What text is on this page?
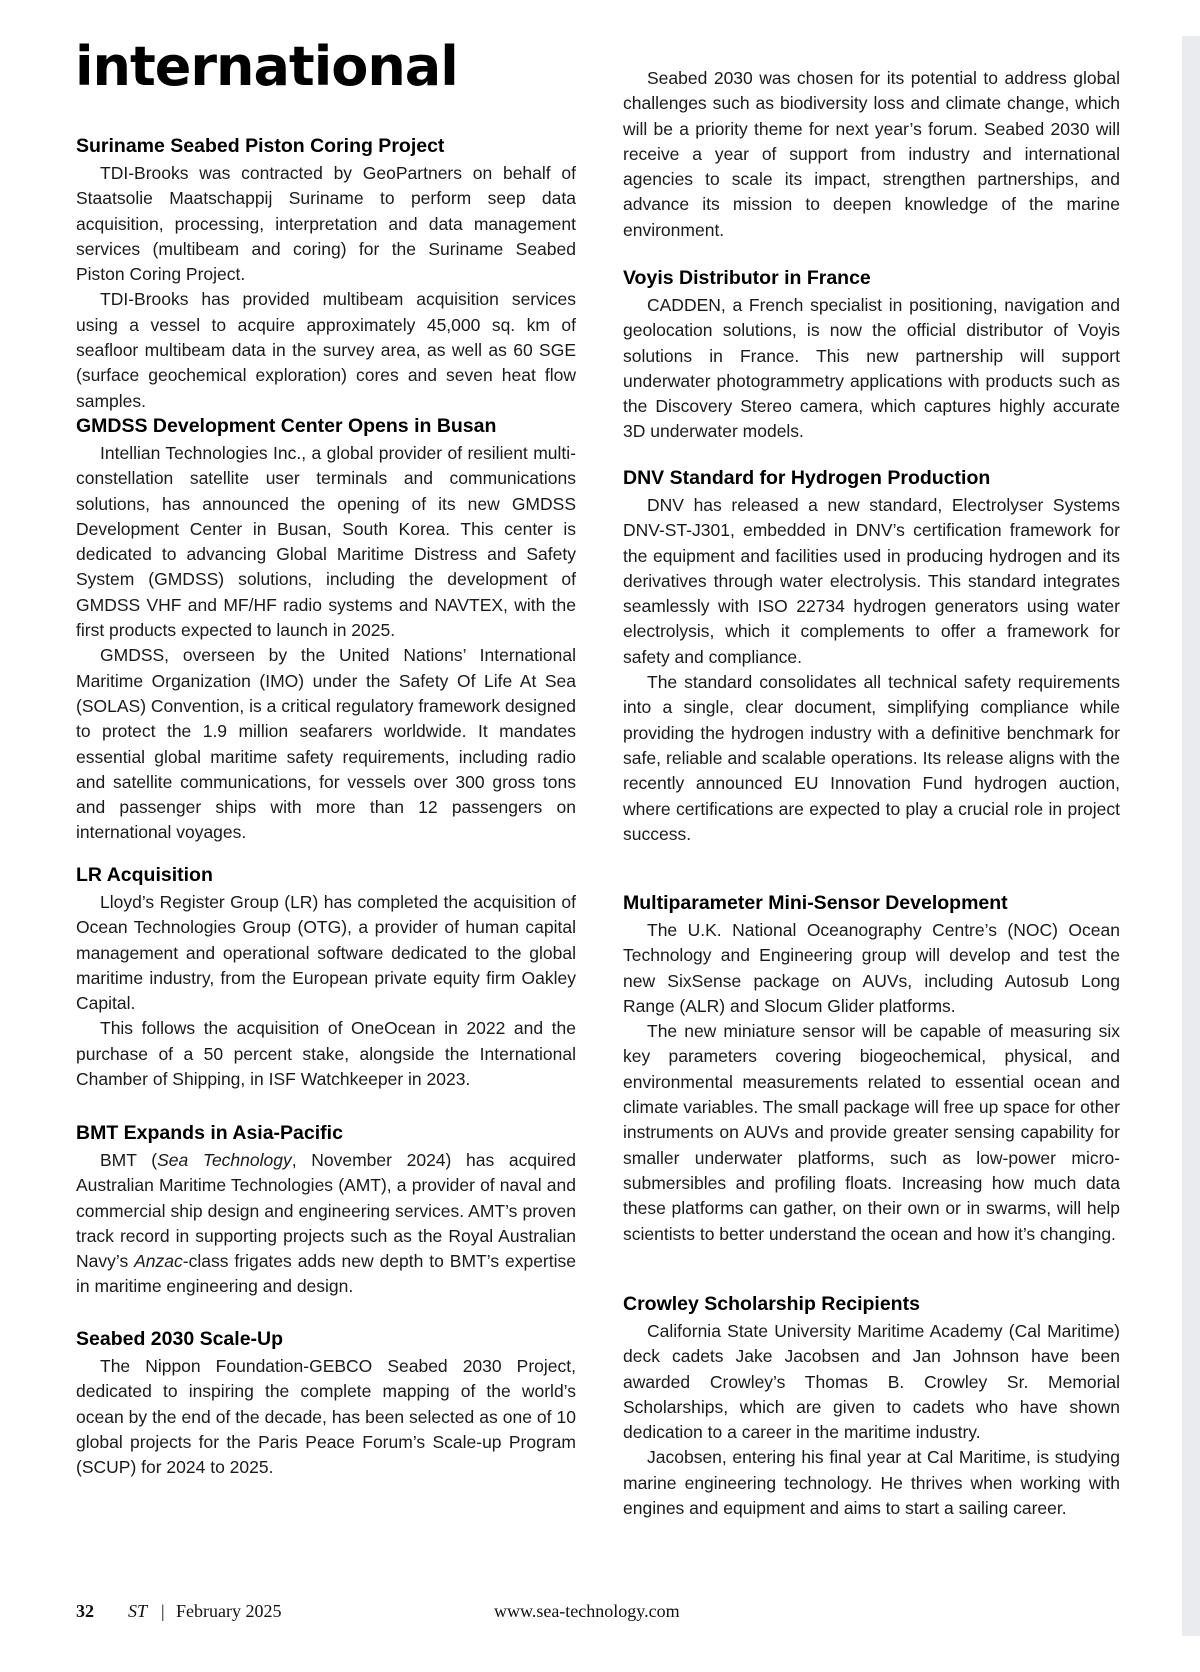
international
Suriname Seabed Piston Coring Project

TDI-Brooks was contracted by GeoPartners on behalf of Staatsolie Maatschappij Suriname to perform seep data acquisition, processing, interpretation and data management services (multibeam and coring) for the Suriname Seabed Piston Coring Project.

TDI-Brooks has provided multibeam acquisition services using a vessel to acquire approximately 45,000 sq. km of seafloor multibeam data in the survey area, as well as 60 SGE (surface geochemical exploration) cores and seven heat flow samples.

GMDSS Development Center Opens in Busan

Intellian Technologies Inc., a global provider of resilient multi-constellation satellite user terminals and communications solutions, has announced the opening of its new GMDSS Development Center in Busan, South Korea. This center is dedicated to advancing Global Maritime Distress and Safety System (GMDSS) solutions, including the development of GMDSS VHF and MF/HF radio systems and NAVTEX, with the first products expected to launch in 2025.

GMDSS, overseen by the United Nations’ International Maritime Organization (IMO) under the Safety Of Life At Sea (SOLAS) Convention, is a critical regulatory framework designed to protect the 1.9 million seafarers worldwide. It mandates essential global maritime safety requirements, including radio and satellite communications, for vessels over 300 gross tons and passenger ships with more than 12 passengers on international voyages.

LR Acquisition

Lloyd’s Register Group (LR) has completed the acquisition of Ocean Technologies Group (OTG), a provider of human capital management and operational software dedicated to the global maritime industry, from the European private equity firm Oakley Capital.

This follows the acquisition of OneOcean in 2022 and the purchase of a 50 percent stake, alongside the International Chamber of Shipping, in ISF Watchkeeper in 2023.

BMT Expands in Asia-Pacific

BMT (Sea Technology, November 2024) has acquired Australian Maritime Technologies (AMT), a provider of naval and commercial ship design and engineering services. AMT’s proven track record in supporting projects such as the Royal Australian Navy’s Anzac-class frigates adds new depth to BMT’s expertise in maritime engineering and design.

Seabed 2030 Scale-Up

The Nippon Foundation-GEBCO Seabed 2030 Project, dedicated to inspiring the complete mapping of the world’s ocean by the end of the decade, has been selected as one of 10 global projects for the Paris Peace Forum’s Scale-up Program (SCUP) for 2024 to 2025.

Seabed 2030 was chosen for its potential to address global challenges such as biodiversity loss and climate change, which will be a priority theme for next year’s forum. Seabed 2030 will receive a year of support from industry and international agencies to scale its impact, strengthen partnerships, and advance its mission to deepen knowledge of the marine environment.

Voyis Distributor in France

CADDEN, a French specialist in positioning, navigation and geolocation solutions, is now the official distributor of Voyis solutions in France. This new partnership will support underwater photogrammetry applications with products such as the Discovery Stereo camera, which captures highly accurate 3D underwater models.

DNV Standard for Hydrogen Production

DNV has released a new standard, Electrolyser Systems DNV-ST-J301, embedded in DNV’s certification framework for the equipment and facilities used in producing hydrogen and its derivatives through water electrolysis. This standard integrates seamlessly with ISO 22734 hydrogen generators using water electrolysis, which it complements to offer a framework for safety and compliance.

The standard consolidates all technical safety requirements into a single, clear document, simplifying compliance while providing the hydrogen industry with a definitive benchmark for safe, reliable and scalable operations. Its release aligns with the recently announced EU Innovation Fund hydrogen auction, where certifications are expected to play a crucial role in project success.

Multiparameter Mini-Sensor Development

The U.K. National Oceanography Centre’s (NOC) Ocean Technology and Engineering group will develop and test the new SixSense package on AUVs, including Autosub Long Range (ALR) and Slocum Glider platforms.

The new miniature sensor will be capable of measuring six key parameters covering biogeochemical, physical, and environmental measurements related to essential ocean and climate variables. The small package will free up space for other instruments on AUVs and provide greater sensing capability for smaller underwater platforms, such as low-power micro-submersibles and profiling floats. Increasing how much data these platforms can gather, on their own or in swarms, will help scientists to better understand the ocean and how it’s changing.

Crowley Scholarship Recipients

California State University Maritime Academy (Cal Maritime) deck cadets Jake Jacobsen and Jan Johnson have been awarded Crowley’s Thomas B. Crowley Sr. Memorial Scholarships, which are given to cadets who have shown dedication to a career in the maritime industry.

Jacobsen, entering his final year at Cal Maritime, is studying marine engineering technology. He thrives when working with engines and equipment and aims to start a sailing career.

32 ST | February 2025	www.sea-technology.com
